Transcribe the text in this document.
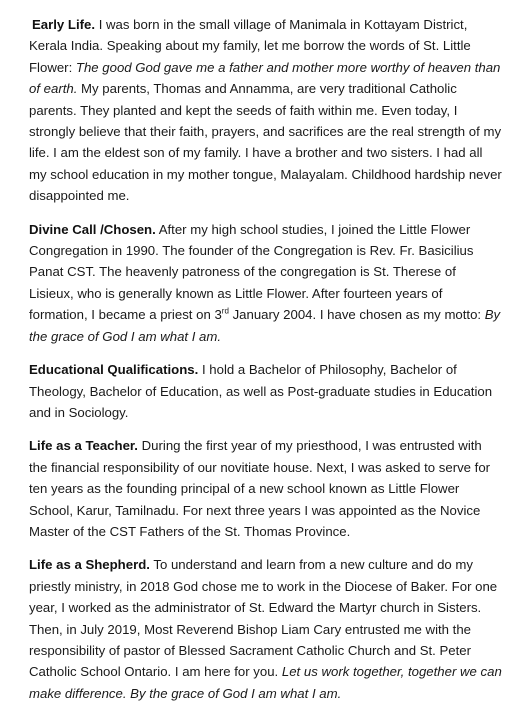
Early Life. I was born in the small village of Manimala in Kottayam District, Kerala India. Speaking about my family, let me borrow the words of St. Little Flower: The good God gave me a father and mother more worthy of heaven than of earth. My parents, Thomas and Annamma, are very traditional Catholic parents. They planted and kept the seeds of faith within me. Even today, I strongly believe that their faith, prayers, and sacrifices are the real strength of my life. I am the eldest son of my family. I have a brother and two sisters. I had all my school education in my mother tongue, Malayalam. Childhood hardship never disappointed me.

Divine Call /Chosen. After my high school studies, I joined the Little Flower Congregation in 1990. The founder of the Congregation is Rev. Fr. Basicilius Panat CST. The heavenly patroness of the congregation is St. Therese of Lisieux, who is generally known as Little Flower. After fourteen years of formation, I became a priest on 3rd January 2004. I have chosen as my motto: By the grace of God I am what I am.

Educational Qualifications. I hold a Bachelor of Philosophy, Bachelor of Theology, Bachelor of Education, as well as Post-graduate studies in Education and in Sociology.

Life as a Teacher. During the first year of my priesthood, I was entrusted with the financial responsibility of our novitiate house. Next, I was asked to serve for ten years as the founding principal of a new school known as Little Flower School, Karur, Tamilnadu. For next three years I was appointed as the Novice Master of the CST Fathers of the St. Thomas Province.

Life as a Shepherd. To understand and learn from a new culture and do my priestly ministry, in 2018 God chose me to work in the Diocese of Baker. For one year, I worked as the administrator of St. Edward the Martyr church in Sisters. Then, in July 2019, Most Reverend Bishop Liam Cary entrusted me with the responsibility of pastor of Blessed Sacrament Catholic Church and St. Peter Catholic School Ontario. I am here for you. Let us work together, together we can make difference. By the grace of God I am what I am.
